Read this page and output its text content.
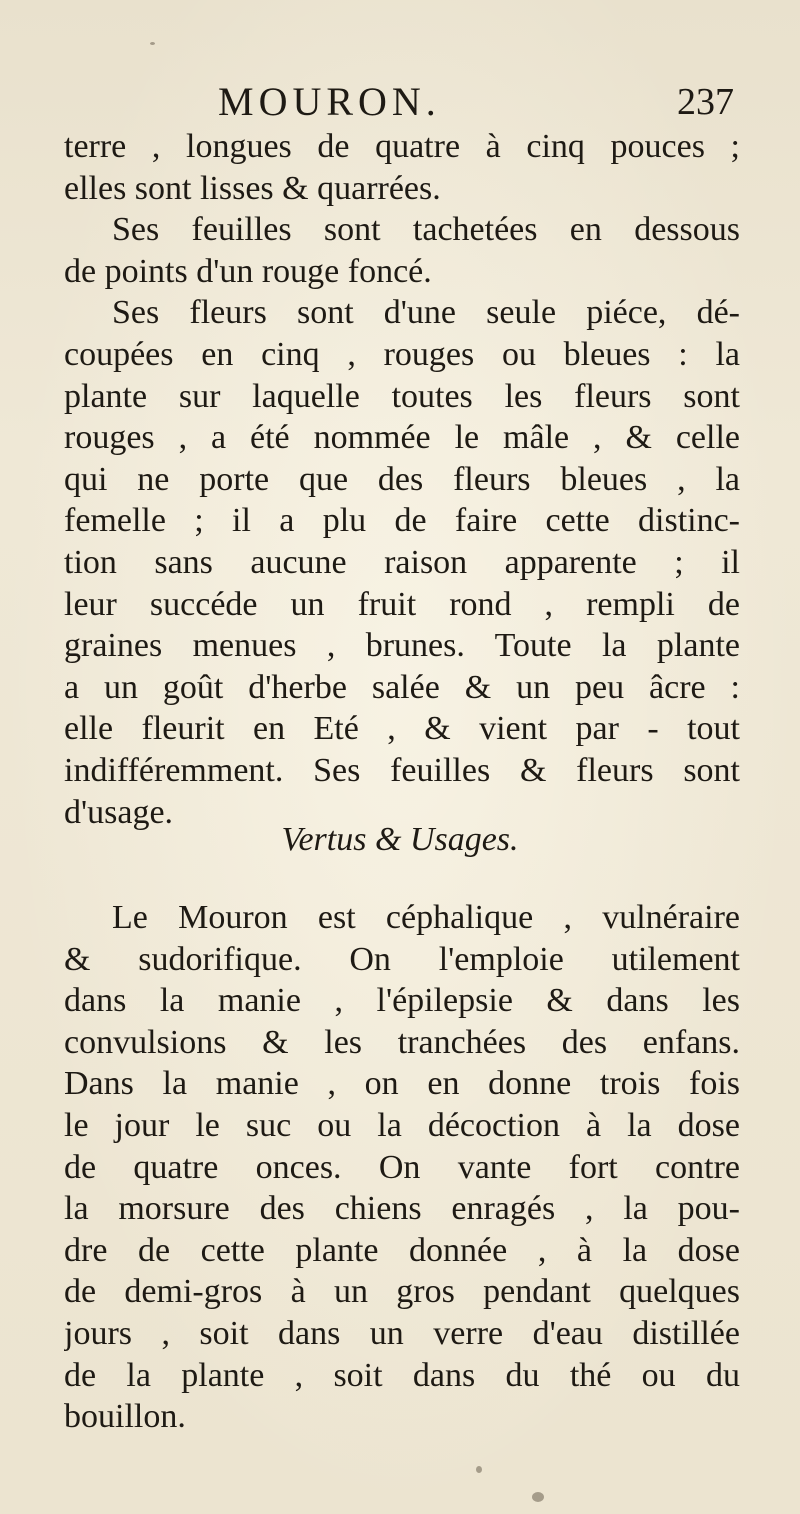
MOURON.	237
terre , longues de quatre à cinq pouces ;
elles sont lisses & quarrées.
Ses feuilles sont tachetées en dessous
de points d'un rouge foncé.
Ses fleurs sont d'une seule piéce, dé-
coupées en cinq , rouges ou bleues : la
plante sur laquelle toutes les fleurs sont
rouges , a été nommée le mâle , & celle
qui ne porte que des fleurs bleues , la
femelle ; il a plu de faire cette distinc-
tion sans aucune raison apparente ; il
leur succéde un fruit rond , rempli de
graines menues , brunes. Toute la plante
a un goût d'herbe salée & un peu âcre :
elle fleurit en Eté , & vient par - tout
indifféremment. Ses feuilles & fleurs sont
d'usage.
Vertus & Usages.
Le Mouron est céphalique , vulnéraire
& sudorifique. On l'emploie utilement
dans la manie , l'épilepsie & dans les
convulsions & les tranchées des enfans.
Dans la manie , on en donne trois fois
le jour le suc ou la décoction à la dose
de quatre onces. On vante fort contre
la morsure des chiens enragés , la pou-
dre de cette plante donnée , à la dose
de demi-gros à un gros pendant quelques
jours , soit dans un verre d'eau distillée
de la plante , soit dans du thé ou du
bouillon.
